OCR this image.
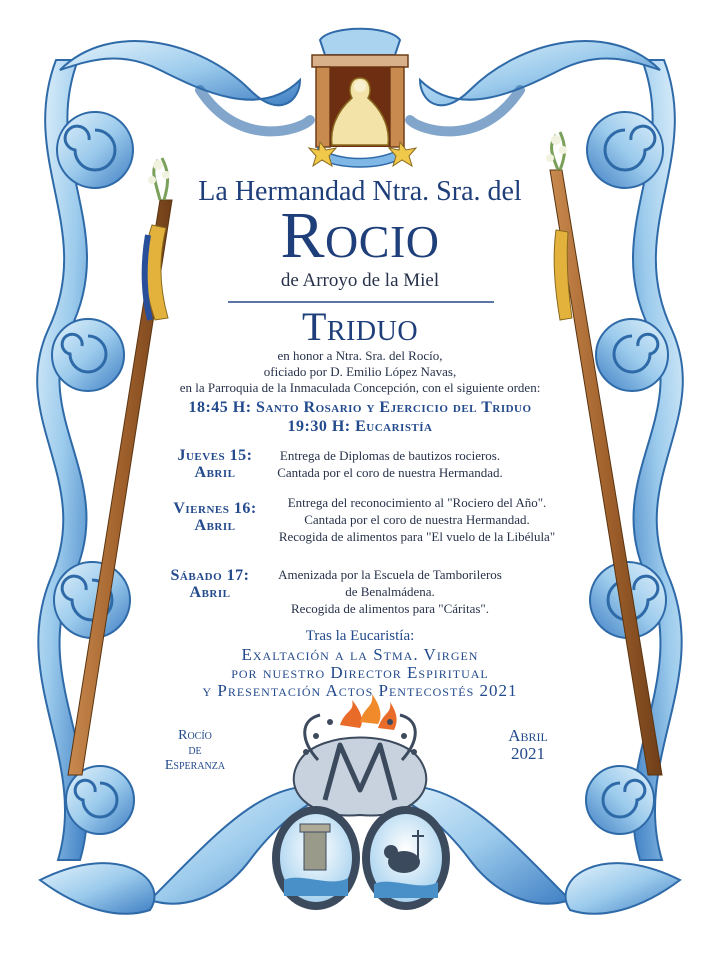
La Hermandad Ntra. Sra. del
Rocio
de Arroyo de la Miel
Triduo
en honor a Ntra. Sra. del Rocío,
oficiado por D. Emilio López Navas,
en la Parroquia de la Inmaculada Concepción, con el siguiente orden:
18:45 H: Santo Rosario y Ejercicio del Triduo
19:30 H: Eucaristía
Jueves 15:
Abril
Entrega de Diplomas de bautizos rocieros.
Cantada por el coro de nuestra Hermandad.
Viernes 16:
Abril
Entrega del reconocimiento al "Rociero del Año".
Cantada por el coro de nuestra Hermandad.
Recogida de alimentos para "El vuelo de la Libélula"
Sábado 17:
Abril
Amenizada por la Escuela de Tamborileros
de Benalmádena.
Recogida de alimentos para "Cáritas".
Tras la Eucaristía:
Exaltación a la Stma. Virgen
por nuestro Director Espiritual
y Presentación Actos Pentecostés 2021
Rocío
de
Esperanza
Abril
2021
